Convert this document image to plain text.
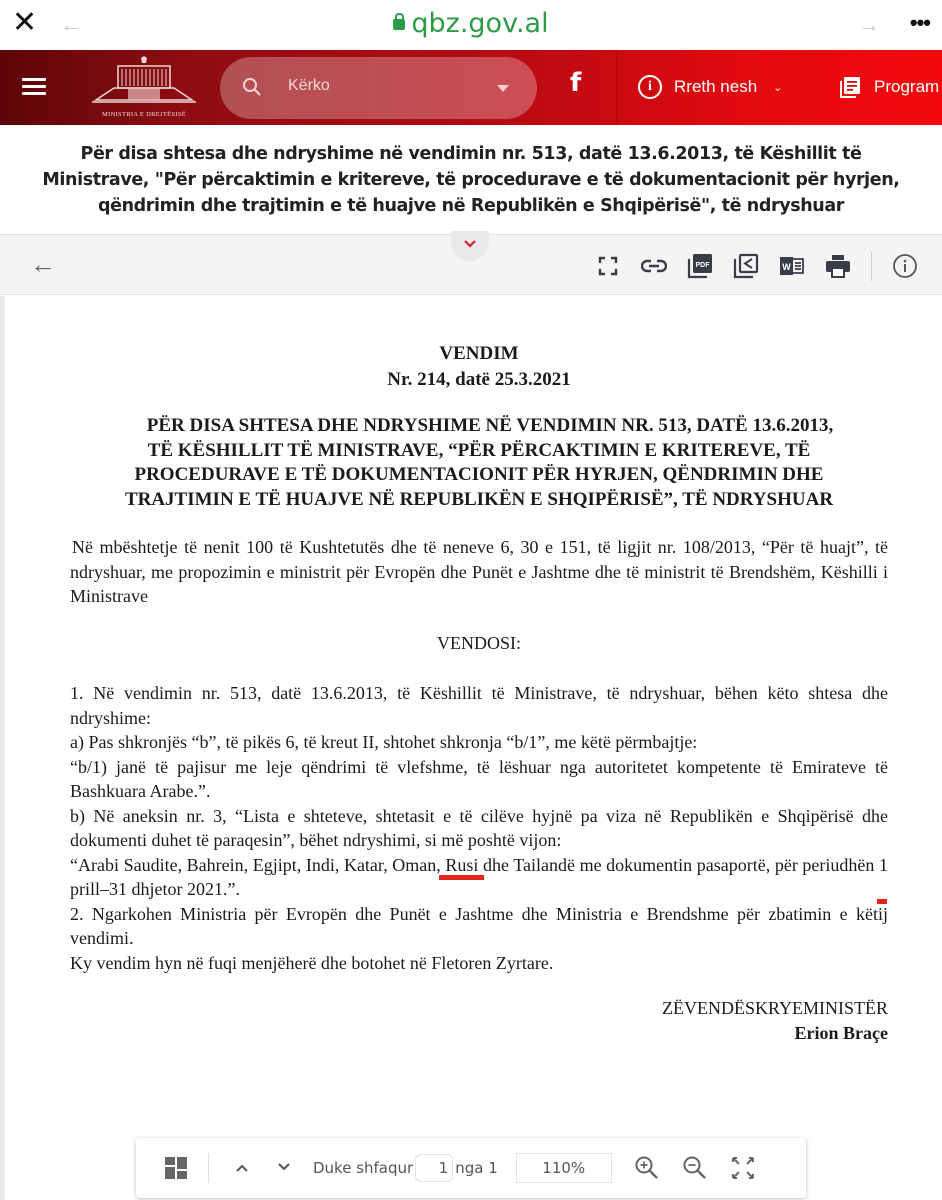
✕ ←	qbz.gov.al	→ •••
MINISTRIA E DREJTËSISË
Kërko	f	i	Rreth nesh ⌄	Program

Për disa shtesa dhe ndryshime në vendimin nr. 513, datë 13.6.2013, të Këshillit të Ministrave, "Për përcaktimin e kritereve, të procedurave e të dokumentacionit për hyrjen, qëndrimin dhe trajtimin e të huajve në Republikën e Shqipërisë", të ndryshuar

←	PDF	W
VENDIM
Nr. 214, datë 25.3.2021
PËR DISA SHTESA DHE NDRYSHIME NË VENDIMIN NR. 513, DATË 13.6.2013,
TË KËSHILLIT TË MINISTRAVE, “PËR PËRCAKTIMIN E KRITEREVE, TË
PROCEDURAVE E TË DOKUMENTACIONIT PËR HYRJEN, QËNDRIMIN DHE
TRAJTIMIN E TË HUAJVE NË REPUBLIKËN E SHQIPËRISË”, TË NDRYSHUAR

Në mbështetje të nenit 100 të Kushtetutës dhe të neneve 6, 30 e 151, të ligjit nr. 108/2013, “Për të huajt”, të ndryshuar, me propozimin e ministrit për Evropën dhe Punët e Jashtme dhe të ministrit të Brendshëm, Këshilli i Ministrave

VENDOSI:

1. Në vendimin nr. 513, datë 13.6.2013, të Këshillit të Ministrave, të ndryshuar, bëhen këto shtesa dhe ndryshime:

a) Pas shkronjës “b”, të pikës 6, të kreut II, shtohet shkronja “b/1”, me këtë përmbajtje:

“b/1) janë të pajisur me leje qëndrimi të vlefshme, të lëshuar nga autoritetet kompetente të Emirateve të Bashkuara Arabe.”.

b) Në aneksin nr. 3, “Lista e shteteve, shtetasit e të cilëve hyjnë pa viza në Republikën e Shqipërisë dhe dokumenti duhet të paraqesin”, bëhet ndryshimi, si më poshtë vijon:

“Arabi Saudite, Bahrein, Egjipt, Indi, Katar, Oman, Rusi
dhe Tailandë me dokumentin pasaportë, për periudhën 1 prill–31 dhjetor 2021.
”.

2. Ngarkohen Ministria për Evropën dhe Punët e Jashtme dhe Ministria e Brendshme për zbatimin e këtij vendimi.

Ky vendim hyn në fuqi menjëherë dhe botohet në Fletoren Zyrtare.

ZËVENDËSKRYEMINISTËR
Erion Braçe
Duke shfaqur	1 nga 1	110%
